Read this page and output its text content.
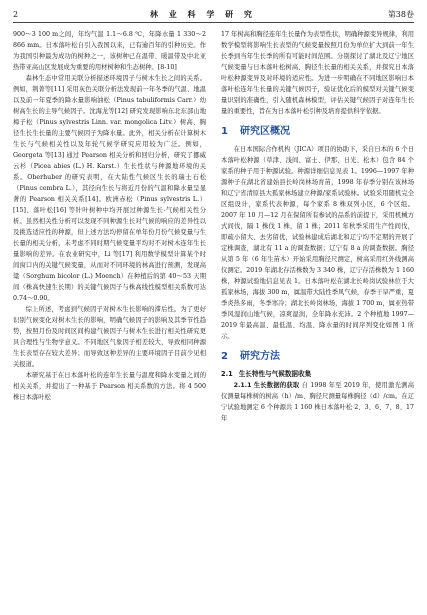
2	林 业 科 学 研 究	第38卷

900～3 100 m之间，年均气温 1.1～6.8 ℃，年降水量 1 330～2 866 mm。日本落叶松自引入我国以来，已有逾百年的引种历史。作为我国引种最为成功的树种之一，该树种已在温带、暖温带及中北亚热带亚高山区发展成为重要的用材树种和生态树种。[8-10]

森林生态中常用关联分析描述环境因子与树木生长之间的关系。例如，荆菁等[11] 采用灰色关联分析法发现前一年冬季的气温、地温以及前一年夏季的降水量影响油松（Pinus tabuliformis Carr.）幼树高生长的主导气候因子。沈海龙等[12] 研究发现影响东北东部山地樟子松（Pinus sylvestris Linn. var. mongolica Litv.）树高、胸径生长生长量的主要气候因子为降水量。此外，相关分析在计算树木生长与气候相关性以及年轮气候学研究应用较为广泛。例如，Georgeta 等[13] 通过 Pearson 相关分析和回归分析，研究了挪威云杉（Picea abies (L.) H. Karst.）生长性状与种源地环境的关系。Oberhuber 的研究表明，在大陆性气候区生长的瑞士石松（Pinus cembra L.），其径向生长与将近月份的气温和降水量呈显著的 Pearson 相关关系[14]。欧洲赤松（Pinus sylvestris L.）[15]、落叶松[16] 等针叶树种中均开展过种源生长-气候相关性分析。虽然相关性分析可以发现不同种源生长对气候的响应的差异性以及挑选适应性的种源，但上述方法均停留在单年份月份气候变量与生长量的相关分析，未考虑不同时期气候变量平均对不对树木连年生长量影响的差异。在农业研究中，Li 等[17] 利用数学模型计算某个时间窗口内的关键气候变量，从而对不同环境的林高进行预测，发现高粱（Sorghum bicolor (L.) Moench）在种植后的第 40～53 天期间（株高快速生长期）的关键气候因子与株高线性模型相关系数可达 0.74～0.90。

综上所述，考虑到气候因子对树木生长影响的滞后性。为了更好识别气候变化对树木生长的影响，明确气候因子的影响及其季节性趋势，按照月份及时间区间构建气候因子与树木生长进行相关性研究更具合理性与生物学意义。不同地区气象因子相差较大，导致相同种源生长表型存在较大差异；而导致这种差异的主要环境因子目前少见相关报道。

本研究基于在日本落叶松的连年生长量与温度和降水变量之间的相关关系，并提出了一种基于 Pearson 相关系数的方法。将 4 500 株日本落叶松

17 年树高和胸径连年生长量作为表型性状，明确种源变异规律，利用数学模型将影响生长表型的气候变量按照月份为单位扩大到前一年生长季到当年生长季的所有可能时间范围。分别探讨了湖北及辽宁地区气候变量与日本落叶松树高、胸径生长量的相关关系，并探究日本落叶松种源变异及对环境的适应性。为进一步明确在不同地区影响日本落叶松连年生长量的关键气候因子，验证优化后的模型对关键气候变量识别的准确性，引入随机森林模型，评估关键气候因子对连年生长量的重要性，旨在为日本落叶松引种及培育提供科学依据。

1 研究区概况

在日本国际合作机构（JICA）项目的协助下，采自日本的 6 个日本落叶松种源（草津、浅间、富士、伊那、日光、松本）包含 84 个家系的种子用于种源试验。种源详细信息见表 1。1996—1997 年种源种子在湖北省建始县长岭岗林场育苗，1998 年春季分别在该林场和辽宁省清原县大孤家林场建立种源/家系试验林。试验采用随机完全区组设计，家系代表种源，每个家系 8 株双列小区，6 个区组。2007 年 10 月—12 月在保留所有参试的品系的前提下，采用机械方式间伐，隔 1 株伐 1 株，留 1 株；2011 年秋季采用生产性间伐，即疏小留大、去劣留优，试验林建成后湖北和辽宁均不定期的开展了定株调查，湖北有 11 a 的调查数据；辽宁有 8 a 的调查数据。胸径从第 5 年（6 年生苗木）开始采用胸径尺测定，树高采用红外线测高仪测定。2019 年湖北存活株数为 3 340 株，辽宁存活株数为 1 160 株，种源试验地信息见表 1。日本落叶松在湖北长岭岗试验林位于大孤家林场，海拔 300 m，属温带大陆性季风气候，春季干旱严重，夏季炎热多雨，冬季寒冷；湖北长岭岗林场，海拔 1 700 m，属亚热带季风湿润山地气候，凉爽湿润，全年降水充沛。2 个种植地 1997—2019 年最高温、最低温、均温、降水量的时间序列变化如图 1 所示。

2 研究方法
2.1 生长特性与气候数据收集

2.1.1 生长数据的获取 自 1998 年至 2019 年，使用激光测高仪测量每株树的树高（h）/m、胸径尺测量每株胸径（d）/cm。在辽宁试验地测定 6 个种源共 1 160 株日本落叶松 2、3、6、7、8、17 年
